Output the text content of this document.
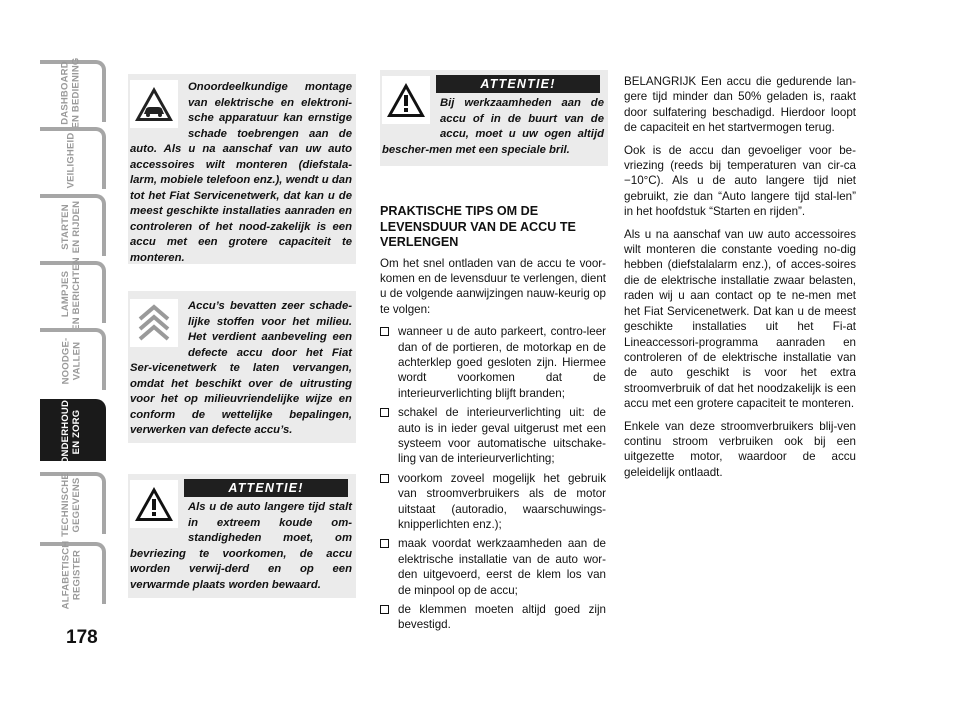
DASHBOARD
EN BEDIENING
VEILIGHEID
STARTEN
EN RIJDEN
LAMPJES
EN BERICHTEN
NOODGE-
VALLEN
ONDERHOUD
EN ZORG
TECHNISCHE
GEGEVENS
ALFABETISCH
REGISTER
178
Onoordeelkundige montage van elektrische en elektroni-sche apparatuur kan ernstige schade toebrengen aan de auto. Als u na aanschaf van uw auto accessoires wilt monteren (diefstala-larm, mobiele telefoon enz.), wendt u dan tot het Fiat Servicenetwerk, dat kan u de meest geschikte installaties aanraden en controleren of het nood-zakelijk is een accu met een grotere capaciteit te monteren.
Accu’s bevatten zeer schade-lijke stoffen voor het milieu. Het verdient aanbeveling een defecte accu door het Fiat Ser-vicenetwerk te laten vervangen, omdat het beschikt over de uitrusting voor het op milieuvriendelijke wijze en conform de wettelijke bepalingen, verwerken van defecte accu’s.
ATTENTIE!
Als u de auto langere tijd stalt in extreem koude om-standigheden moet, om bevriezing te voorkomen, de accu worden verwij-derd en op een verwarmde plaats worden bewaard.
ATTENTIE!
Bij werkzaamheden aan de accu of in de buurt van de accu, moet u uw ogen altijd bescher-men met een speciale bril.
PRAKTISCHE TIPS OM DE LEVENSDUUR VAN DE ACCU TE VERLENGEN

Om het snel ontladen van de accu te voor-komen en de levensduur te verlengen, dient u de volgende aanwijzingen nauw-keurig op te volgen:

wanneer u de auto parkeert, contro-leer dan of de portieren, de motorkap en de achterklep goed gesloten zijn. Hiermee wordt voorkomen dat de interieurverlichting blijft branden;
schakel de interieurverlichting uit: de auto is in ieder geval uitgerust met een systeem voor automatische uitschake-ling van de interieurverlichting;
voorkom zoveel mogelijk het gebruik van stroomverbruikers als de motor uitstaat (autoradio, waarschuwings-knipperlichten enz.);
maak voordat werkzaamheden aan de elektrische installatie van de auto wor-den uitgevoerd, eerst de klem los van de minpool op de accu;
de klemmen moeten altijd goed zijn bevestigd.

BELANGRIJK Een accu die gedurende lan-gere tijd minder dan 50% geladen is, raakt door sulfatering beschadigd. Hierdoor loopt de capaciteit en het startvermogen terug.

Ook is de accu dan gevoeliger voor be-vriezing (reeds bij temperaturen van cir-ca −10°C). Als u de auto langere tijd niet gebruikt, zie dan “Auto langere tijd stal-len” in het hoofdstuk “Starten en rijden”.

Als u na aanschaf van uw auto accessoires wilt monteren die constante voeding no-dig hebben (diefstalalarm enz.), of acces-soires die de elektrische installatie zwaar belasten, raden wij u aan contact op te ne-men met het Fiat Servicenetwerk. Dat kan u de meest geschikte installaties uit het Fi-at Lineaccessori-programma aanraden en controleren of de elektrische installatie van de auto geschikt is voor het extra stroomverbruik of dat het noodzakelijk is een accu met een grotere capaciteit te monteren.

Enkele van deze stroomverbruikers blij-ven continu stroom verbruiken ook bij een uitgezette motor, waardoor de accu geleidelijk ontlaadt.
